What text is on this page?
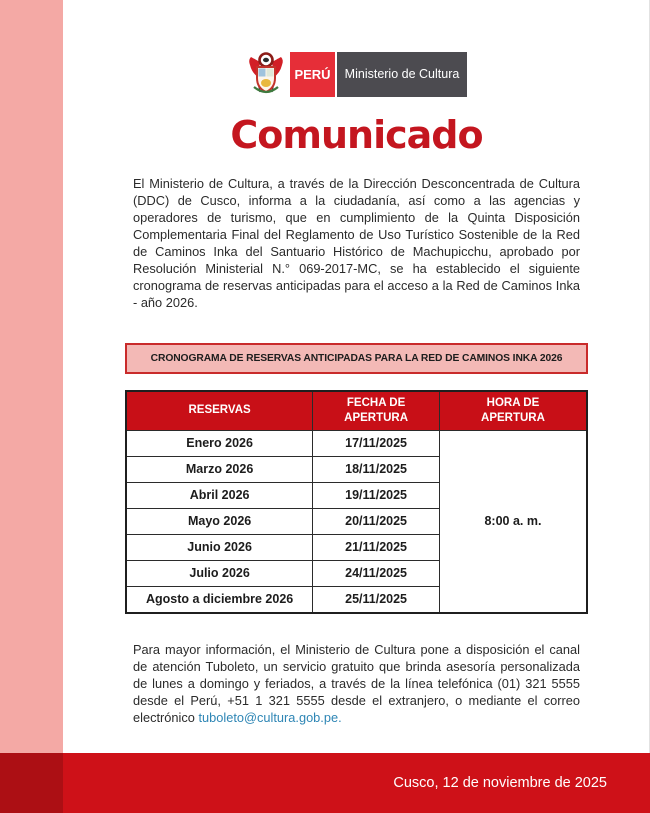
PERÚ Ministerio de Cultura
Comunicado

El Ministerio de Cultura, a través de la Dirección Desconcentrada de Cultura (DDC) de Cusco, informa a la ciudadanía, así como a las agencias y operadores de turismo, que en cumplimiento de la Quinta Disposición Complementaria Final del Reglamento de Uso Turístico Sostenible de la Red de Caminos Inka del Santuario Histórico de Machupicchu, aprobado por Resolución Ministerial N.° 069-2017-MC, se ha establecido el siguiente cronograma de reservas anticipadas para el acceso a la Red de Caminos Inka - año 2026.

CRONOGRAMA DE RESERVAS ANTICIPADAS PARA LA RED DE CAMINOS INKA 2026
RESERVAS	FECHA DE APERTURA	HORA DE APERTURA
Enero 2026	17/11/2025	8:00 a. m.
Marzo 2026	18/11/2025	
Abril 2026	19/11/2025	
Mayo 2026	20/11/2025	
Junio 2026	21/11/2025	
Julio 2026	24/11/2025	
Agosto a diciembre 2026	25/11/2025	

Para mayor información, el Ministerio de Cultura pone a disposición el canal de atención Tuboleto, un servicio gratuito que brinda asesoría personalizada de lunes a domingo y feriados, a través de la línea telefónica (01) 321 5555 desde el Perú, +51 1 321 5555 desde el extranjero, o mediante el correo electrónico tuboleto@cultura.gob.pe.

Cusco, 12 de noviembre de 2025
